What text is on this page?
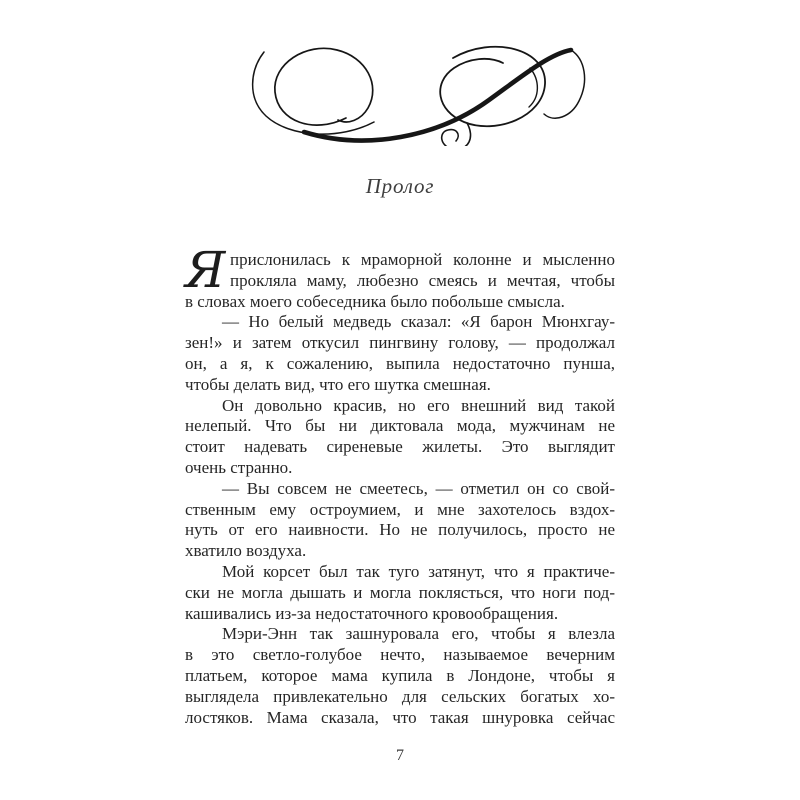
Пролог
Я прислонилась к мраморной колонне и мысленно
прокляла маму, любезно смеясь и мечтая, чтобы
в словах моего собеседника было побольше смысла.
— Но белый медведь сказал: «Я барон Мюнхгау-
зен!» и затем откусил пингвину голову, — продолжал
он, а я, к сожалению, выпила недостаточно пунша,
чтобы делать вид, что его шутка смешная.
Он довольно красив, но его внешний вид такой
нелепый. Что бы ни диктовала мода, мужчинам не
стоит надевать сиреневые жилеты. Это выглядит
очень странно.
— Вы совсем не смеетесь, — отметил он со свой-
ственным ему остроумием, и мне захотелось вздох-
нуть от его наивности. Но не получилось, просто не
хватило воздуха.
Мой корсет был так туго затянут, что я практиче-
ски не могла дышать и могла поклясться, что ноги под-
кашивались из-за недостаточного кровообращения.
Мэри-Энн так зашнуровала его, чтобы я влезла
в это светло-голубое нечто, называемое вечерним
платьем, которое мама купила в Лондоне, чтобы я
выглядела привлекательно для сельских богатых хо-
лостяков. Мама сказала, что такая шнуровка сейчас
7
